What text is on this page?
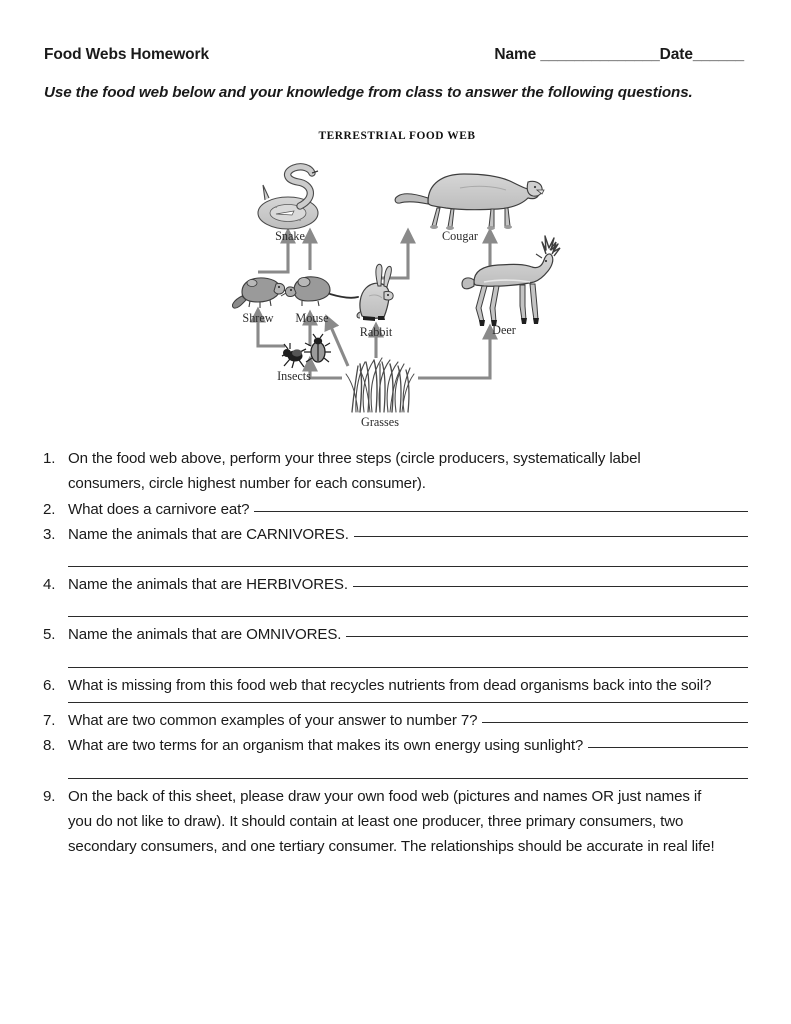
Food Webs Homework	Name ______________Date______
Use the food web below and your knowledge from class to answer the following questions.
TERRESTRIAL FOOD WEB
Snake	Cougar
Deer
Shrew Mouse
Rabbit
Insects
Grasses
1. On the food web above, perform your three steps (circle producers, systematically label
consumers, circle highest number for each consumer).
2. What does a carnivore eat?
3. Name the animals that are CARNIVORES.
4. Name the animals that are HERBIVORES.
5. Name the animals that are OMNIVORES.
6. What is missing from this food web that recycles nutrients from dead organisms back into the soil?
7. What are two common examples of your answer to number 7?
8. What are two terms for an organism that makes its own energy using sunlight?
9. On the back of this sheet, please draw your own food web (pictures and names OR just names if
you do not like to draw). It should contain at least one producer, three primary consumers, two
secondary consumers, and one tertiary consumer. The relationships should be accurate in real life!
